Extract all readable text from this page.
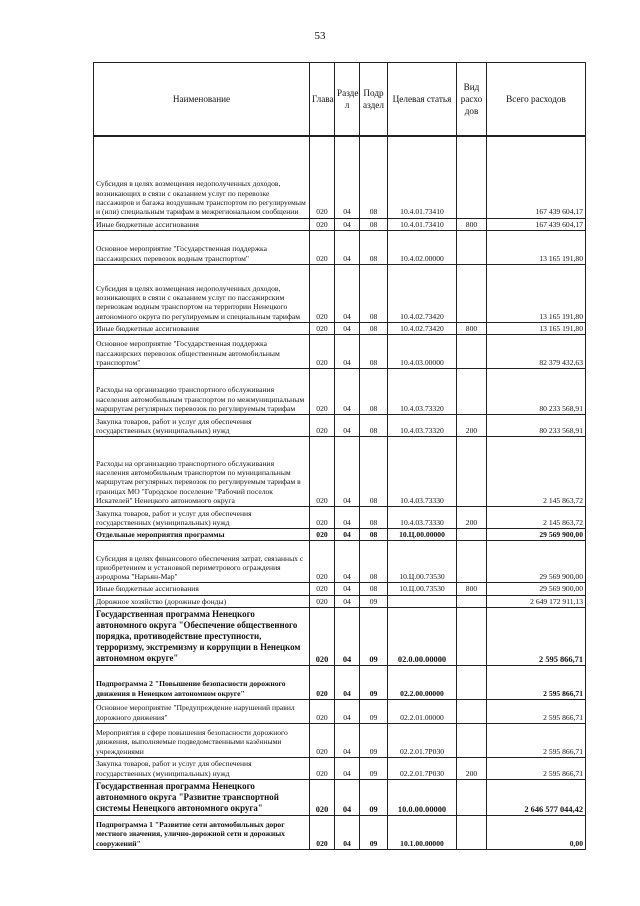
53
Наименование	Глава	Разде л	Подр аздел	Целевая статья	Вид расхо дов	Всего расходов
Субсидия в целях возмещения недополученных доходов, возникающих в связи с оказанием услуг по перевозке пассажиров и багажа воздушным транспортом по регулируемым и (или) специальным тарифам в межрегиональном сообщении	020	04	08	10.4.01.73410		167 439 604,17
Иные бюджетные ассигнования	020	04	08	10.4.01.73410	800	167 439 604,17
Основное мероприятие "Государственная поддержка пассажирских перевозок водным транспортом"	020	04	08	10.4.02.00000		13 165 191,80
Субсидия в целях возмещения недополученных доходов, возникающих в связи с оказанием услуг по пассажирским перевозкам водным транспортом на территории Ненецкого автономного округа по регулируемым и специальным тарифам	020	04	08	10.4.02.73420		13 165 191,80
Иные бюджетные ассигнования	020	04	08	10.4.02.73420	800	13 165 191,80
Основное мероприятие "Государственная поддержка пассажирских перевозок общественным автомобильным транспортом"	020	04	08	10.4.03.00000		82 379 432,63
Расходы на организацию транспортного обслуживания населения автомобильным транспортом по межмуниципальным маршрутам регулярных перевозок по регулируемым тарифам	020	04	08	10.4.03.73320		80 233 568,91
Закупка товаров, работ и услуг для обеспечения государственных (муниципальных) нужд	020	04	08	10.4.03.73320	200	80 233 568,91
Расходы на организацию транспортного обслуживания населения автомобильным транспортом по муниципальным маршрутам регулярных перевозок по регулируемым тарифам в границах МО "Городское поселение "Рабочий поселок Искателей" Ненецкого автономного округа	020	04	08	10.4.03.73330		2 145 863,72
Закупка товаров, работ и услуг для обеспечения государственных (муниципальных) нужд	020	04	08	10.4.03.73330	200	2 145 863,72
Отдельные мероприятия программы	020	04	08	10.Ц.00.00000		29 569 900,00
Субсидия в целях финансового обеспечения затрат, связанных с приобретением и установкой периметрового ограждения аэродрома "Нарьян-Мар"	020	04	08	10.Ц.00.73530		29 569 900,00
Иные бюджетные ассигнования	020	04	08	10.Ц.00.73530	800	29 569 900,00
Дорожное хозяйство (дорожные фонды)	020	04	09			2 649 172 911,13
Государственная программа Ненецкого автономного округа "Обеспечение общественного порядка, противодействие преступности, терроризму, экстремизму и коррупции в Ненецком автономном округе"	020	04	09	02.0.00.00000		2 595 866,71
Подпрограмма 2 "Повышение безопасности дорожного движения в Ненецком автономном округе"	020	04	09	02.2.00.00000		2 595 866,71
Основное мероприятие "Предупреждение нарушений правил дорожного движения"	020	04	09	02.2.01.00000		2 595 866,71
Мероприятия в сфере повышения безопасности дорожного движения, выполняемые подведомственными казёнными учреждениями	020	04	09	02.2.01.7Р030		2 595 866,71
Закупка товаров, работ и услуг для обеспечения государственных (муниципальных) нужд	020	04	09	02.2.01.7Р030	200	2 595 866,71
Государственная программа Ненецкого автономного округа "Развитие транспортной системы Ненецкого автономного округа"	020	04	09	10.0.00.00000		2 646 577 044,42
Подпрограмма 1 "Развитие сети автомобильных дорог местного значения, улично-дорожной сети и дорожных сооружений"	020	04	09	10.1.00.00000		0,00
